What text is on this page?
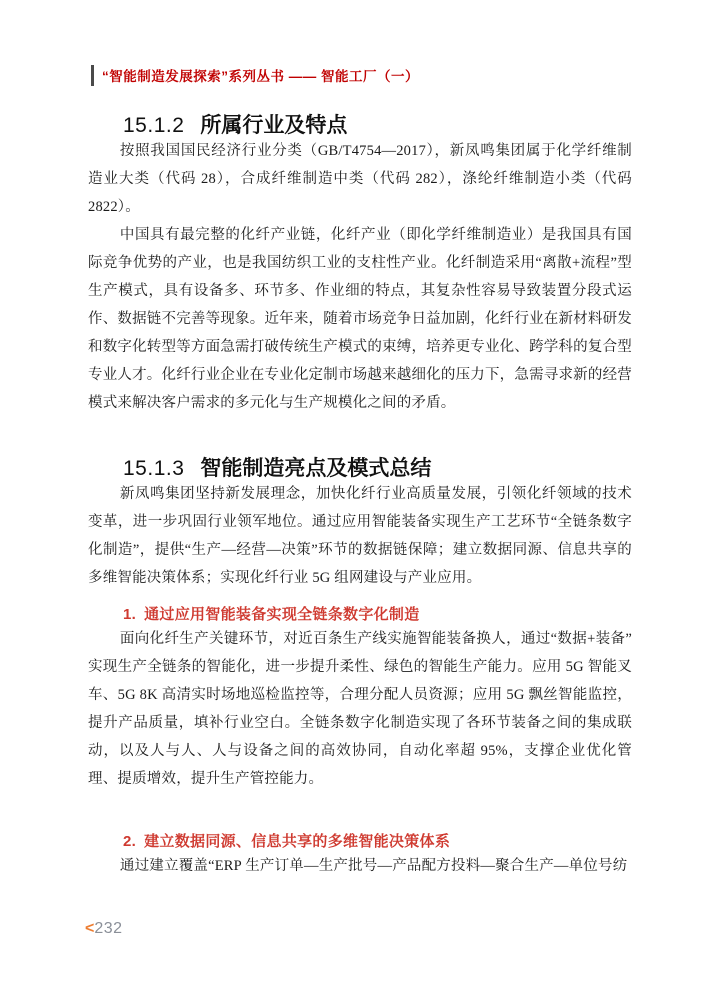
“智能制造发展探索”系列丛书 —— 智能工厂（一）
15.1.2 所属行业及特点

按照我国国民经济行业分类（GB/T4754—2017），新凤鸣集团属于化学纤维制造业大类（代码 28），合成纤维制造中类（代码 282），涤纶纤维制造小类（代码 2822）。

中国具有最完整的化纤产业链，化纤产业（即化学纤维制造业）是我国具有国际竞争优势的产业，也是我国纺织工业的支柱性产业。化纤制造采用“离散+流程”型生产模式，具有设备多、环节多、作业细的特点，其复杂性容易导致装置分段式运作、数据链不完善等现象。近年来，随着市场竞争日益加剧，化纤行业在新材料研发和数字化转型等方面急需打破传统生产模式的束缚，培养更专业化、跨学科的复合型专业人才。化纤行业企业在专业化定制市场越来越细化的压力下，急需寻求新的经营模式来解决客户需求的多元化与生产规模化之间的矛盾。

15.1.3 智能制造亮点及模式总结

新凤鸣集团坚持新发展理念，加快化纤行业高质量发展，引领化纤领域的技术变革，进一步巩固行业领军地位。通过应用智能装备实现生产工艺环节“全链条数字化制造”，提供“生产—经营—决策”环节的数据链保障；建立数据同源、信息共享的多维智能决策体系；实现化纤行业 5G 组网建设与产业应用。

1. 通过应用智能装备实现全链条数字化制造

面向化纤生产关键环节，对近百条生产线实施智能装备换人，通过“数据+装备”实现生产全链条的智能化，进一步提升柔性、绿色的智能生产能力。应用 5G 智能叉车、5G 8K 高清实时场地巡检监控等，合理分配人员资源；应用 5G 飘丝智能监控，提升产品质量，填补行业空白。全链条数字化制造实现了各环节装备之间的集成联动，以及人与人、人与设备之间的高效协同，自动化率超 95%，支撑企业优化管理、提质增效，提升生产管控能力。

2. 建立数据同源、信息共享的多维智能决策体系

通过建立覆盖“ERP 生产订单—生产批号—产品配方投料—聚合生产—单位号纺

<232
